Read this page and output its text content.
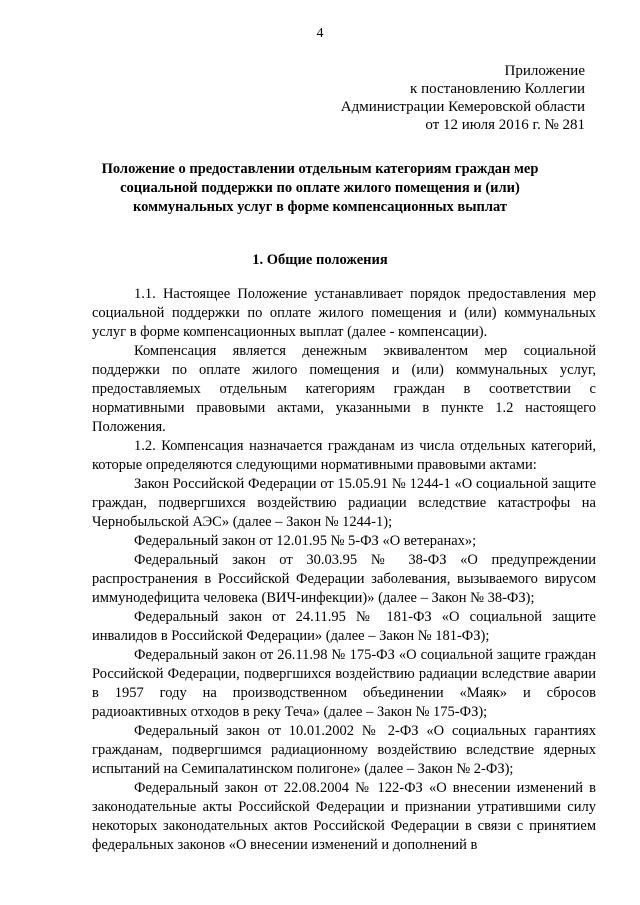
4
Приложение
к постановлению Коллегии
Администрации Кемеровской области
от 12 июля 2016 г. № 281
Положение о предоставлении отдельным категориям граждан мер социальной поддержки по оплате жилого помещения и (или) коммунальных услуг в форме компенсационных выплат
1. Общие положения

1.1. Настоящее Положение устанавливает порядок предоставления мер социальной поддержки по оплате жилого помещения и (или) коммунальных услуг в форме компенсационных выплат (далее - компенсации).

Компенсация является денежным эквивалентом мер социальной поддержки по оплате жилого помещения и (или) коммунальных услуг, предоставляемых отдельным категориям граждан в соответствии с нормативными правовыми актами, указанными в пункте 1.2 настоящего Положения.

1.2. Компенсация назначается гражданам из числа отдельных категорий, которые определяются следующими нормативными правовыми актами:

Закон Российской Федерации от 15.05.91 № 1244-1 «О социальной защите граждан, подвергшихся воздействию радиации вследствие катастрофы на Чернобыльской АЭС» (далее – Закон № 1244-1);

Федеральный закон от 12.01.95 № 5-ФЗ «О ветеранах»;

Федеральный закон от 30.03.95 № 38-ФЗ «О предупреждении распространения в Российской Федерации заболевания, вызываемого вирусом иммунодефицита человека (ВИЧ-инфекции)» (далее – Закон № 38-ФЗ);

Федеральный закон от 24.11.95 № 181-ФЗ «О социальной защите инвалидов в Российской Федерации» (далее – Закон № 181-ФЗ);

Федеральный закон от 26.11.98 № 175-ФЗ «О социальной защите граждан Российской Федерации, подвергшихся воздействию радиации вследствие аварии в 1957 году на производственном объединении «Маяк» и сбросов радиоактивных отходов в реку Теча» (далее – Закон № 175-ФЗ);

Федеральный закон от 10.01.2002 № 2-ФЗ «О социальных гарантиях гражданам, подвергшимся радиационному воздействию вследствие ядерных испытаний на Семипалатинском полигоне» (далее – Закон № 2-ФЗ);

Федеральный закон от 22.08.2004 № 122-ФЗ «О внесении изменений в законодательные акты Российской Федерации и признании утратившими силу некоторых законодательных актов Российской Федерации в связи с принятием федеральных законов «О внесении изменений и дополнений в
